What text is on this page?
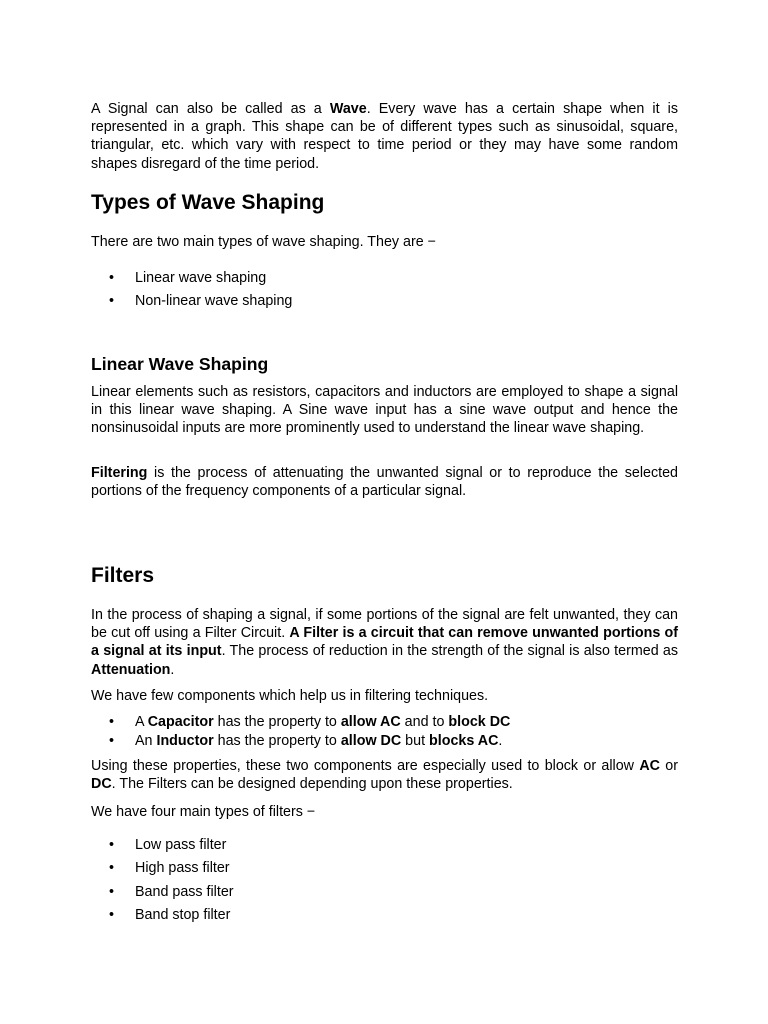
A Signal can also be called as a Wave. Every wave has a certain shape when it is represented in a graph. This shape can be of different types such as sinusoidal, square, triangular, etc. which vary with respect to time period or they may have some random shapes disregard of the time period.

Types of Wave Shaping

There are two main types of wave shaping. They are −

• Linear wave shaping
• Non-linear wave shaping
Linear Wave Shaping

Linear elements such as resistors, capacitors and inductors are employed to shape a signal in this linear wave shaping. A Sine wave input has a sine wave output and hence the nonsinusoidal inputs are more prominently used to understand the linear wave shaping.

Filtering is the process of attenuating the unwanted signal or to reproduce the selected portions of the frequency components of a particular signal.

Filters

In the process of shaping a signal, if some portions of the signal are felt unwanted, they can be cut off using a Filter Circuit. A Filter is a circuit that can remove unwanted portions of a signal at its input. The process of reduction in the strength of the signal is also termed as Attenuation.

We have few components which help us in filtering techniques.

• A Capacitor has the property to allow AC and to block DC
• An Inductor has the property to allow DC but blocks AC.

Using these properties, these two components are especially used to block or allow AC or DC. The Filters can be designed depending upon these properties.

We have four main types of filters −

• Low pass filter
• High pass filter
• Band pass filter
• Band stop filter
